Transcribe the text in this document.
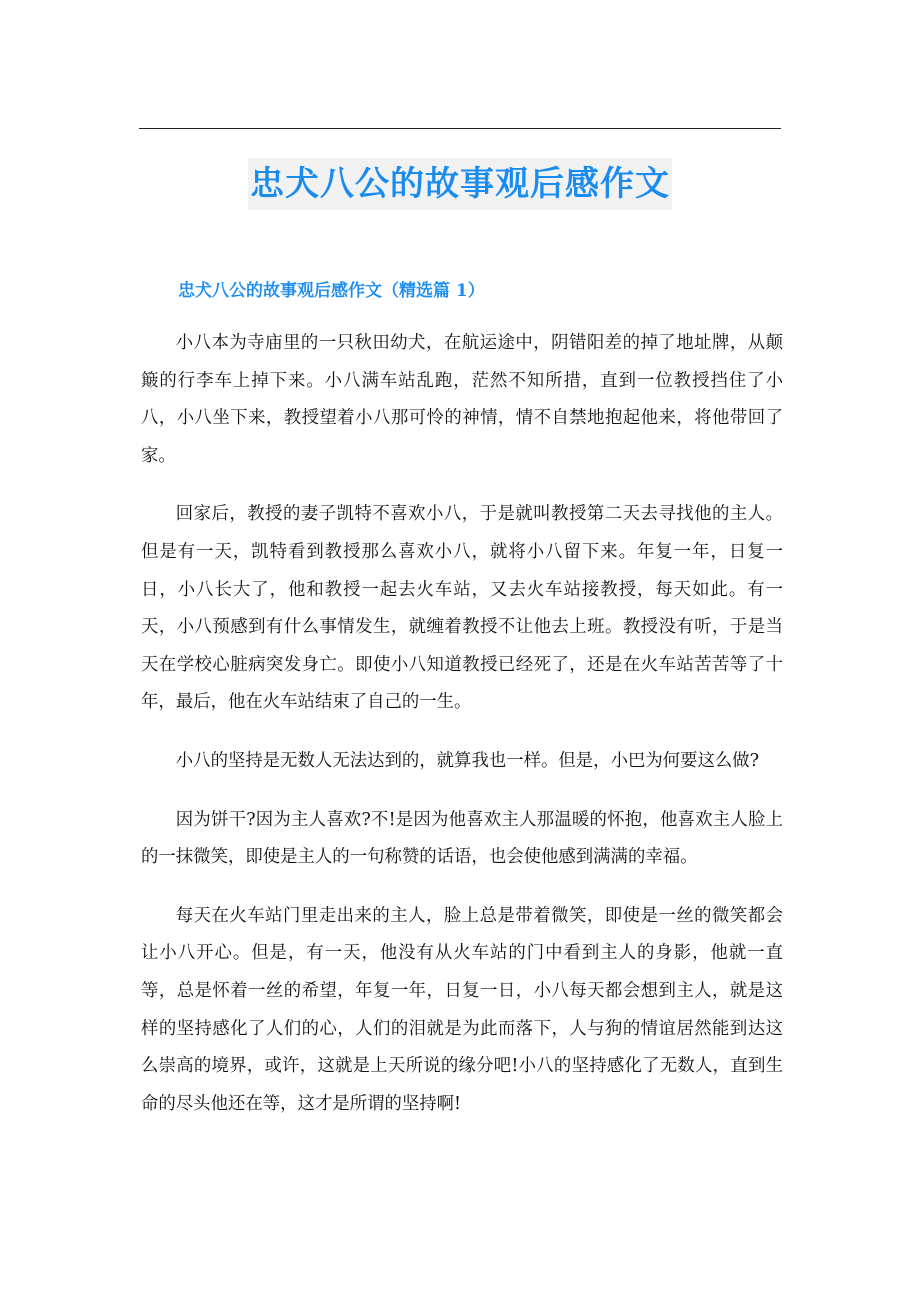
忠犬八公的故事观后感作文
忠犬八公的故事观后感作文（精选篇 1）

小八本为寺庙里的一只秋田幼犬，在航运途中，阴错阳差的掉了地址牌，从颠簸的行李车上掉下来。小八满车站乱跑，茫然不知所措，直到一位教授挡住了小八，小八坐下来，教授望着小八那可怜的神情，情不自禁地抱起他来，将他带回了家。

回家后，教授的妻子凯特不喜欢小八，于是就叫教授第二天去寻找他的主人。但是有一天，凯特看到教授那么喜欢小八，就将小八留下来。年复一年，日复一日，小八长大了，他和教授一起去火车站，又去火车站接教授，每天如此。有一天，小八预感到有什么事情发生，就缠着教授不让他去上班。教授没有听，于是当天在学校心脏病突发身亡。即使小八知道教授已经死了，还是在火车站苦苦等了十年，最后，他在火车站结束了自己的一生。

小八的坚持是无数人无法达到的，就算我也一样。但是，小巴为何要这么做?

因为饼干?因为主人喜欢?不!是因为他喜欢主人那温暖的怀抱，他喜欢主人脸上的一抹微笑，即使是主人的一句称赞的话语，也会使他感到满满的幸福。

每天在火车站门里走出来的主人，脸上总是带着微笑，即使是一丝的微笑都会让小八开心。但是，有一天，他没有从火车站的门中看到主人的身影，他就一直等，总是怀着一丝的希望，年复一年，日复一日，小八每天都会想到主人，就是这样的坚持感化了人们的心，人们的泪就是为此而落下，人与狗的情谊居然能到达这么崇高的境界，或许，这就是上天所说的缘分吧!小八的坚持感化了无数人，直到生命的尽头他还在等，这才是所谓的坚持啊!
